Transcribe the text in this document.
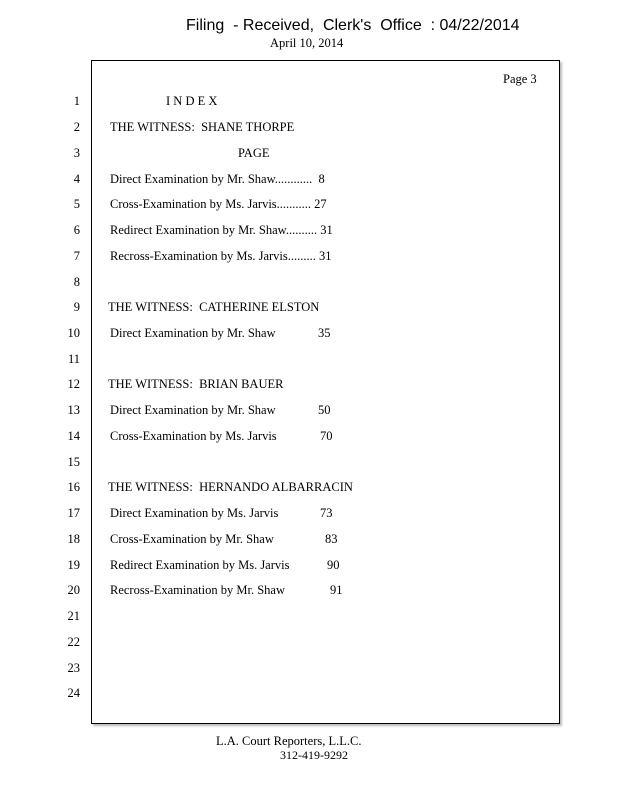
Filing  - Received,  Clerk's  Office  : 04/22/2014
April 10, 2014
Page 3
1
2
3
4
5
6
7
8
9
10
11
12
13
14
15
16
17
18
19
20
21
22
23
24
I N D E X
THE WITNESS:  SHANE THORPE
PAGE
Direct Examination by Mr. Shaw............  8
Cross-Examination by Ms. Jarvis........... 27
Redirect Examination by Mr. Shaw.......... 31
Recross-Examination by Ms. Jarvis......... 31
THE WITNESS:  CATHERINE ELSTON
Direct Examination by Mr. Shaw	35
THE WITNESS:  BRIAN BAUER
Direct Examination by Mr. Shaw	50
Cross-Examination by Ms. Jarvis	70
THE WITNESS:  HERNANDO ALBARRACIN
Direct Examination by Ms. Jarvis	73
Cross-Examination by Mr. Shaw	83
Redirect Examination by Ms. Jarvis	90
Recross-Examination by Mr. Shaw	91
L.A. Court Reporters, L.L.C.
312-419-9292
